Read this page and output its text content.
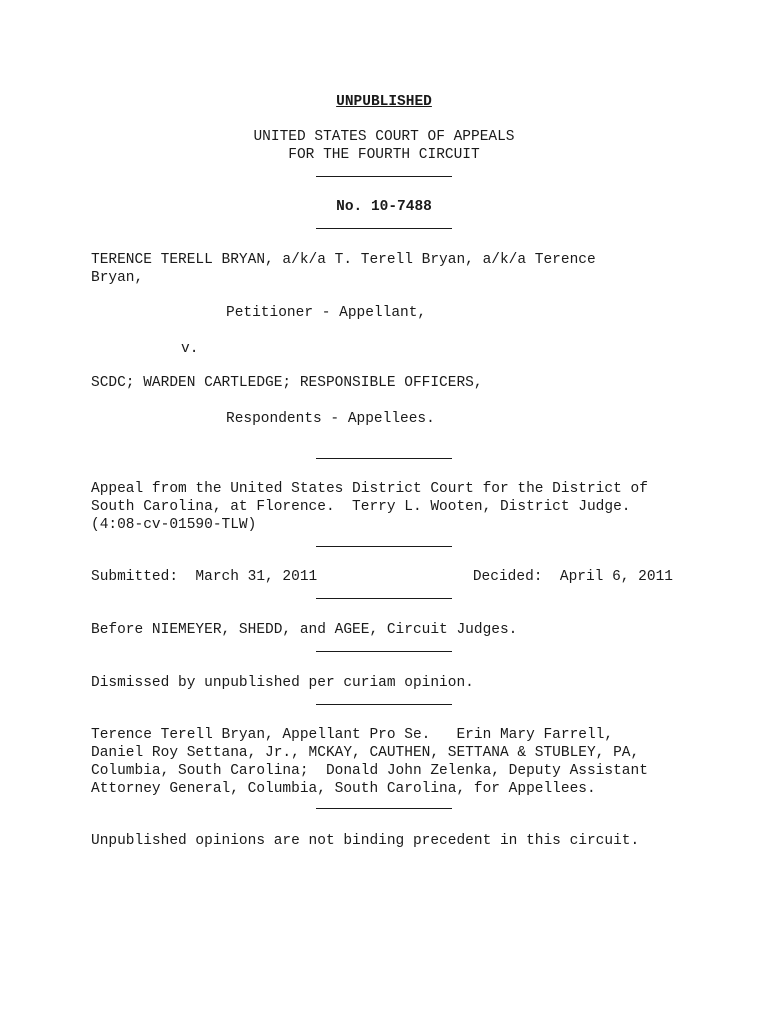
UNPUBLISHED
UNITED STATES COURT OF APPEALS
FOR THE FOURTH CIRCUIT
No. 10-7488
TERENCE TERELL BRYAN, a/k/a T. Terell Bryan, a/k/a Terence
Bryan,
Petitioner - Appellant,
v.
SCDC; WARDEN CARTLEDGE; RESPONSIBLE OFFICERS,
Respondents - Appellees.
Appeal from the United States District Court for the District of
South Carolina, at Florence.  Terry L. Wooten, District Judge.
(4:08-cv-01590-TLW)
Submitted:  March 31, 2011	Decided:  April 6, 2011
Before NIEMEYER, SHEDD, and AGEE, Circuit Judges.
Dismissed by unpublished per curiam opinion.
Terence Terell Bryan, Appellant Pro Se.   Erin Mary Farrell,
Daniel Roy Settana, Jr., MCKAY, CAUTHEN, SETTANA & STUBLEY, PA,
Columbia, South Carolina;  Donald John Zelenka, Deputy Assistant
Attorney General, Columbia, South Carolina, for Appellees.
Unpublished opinions are not binding precedent in this circuit.
